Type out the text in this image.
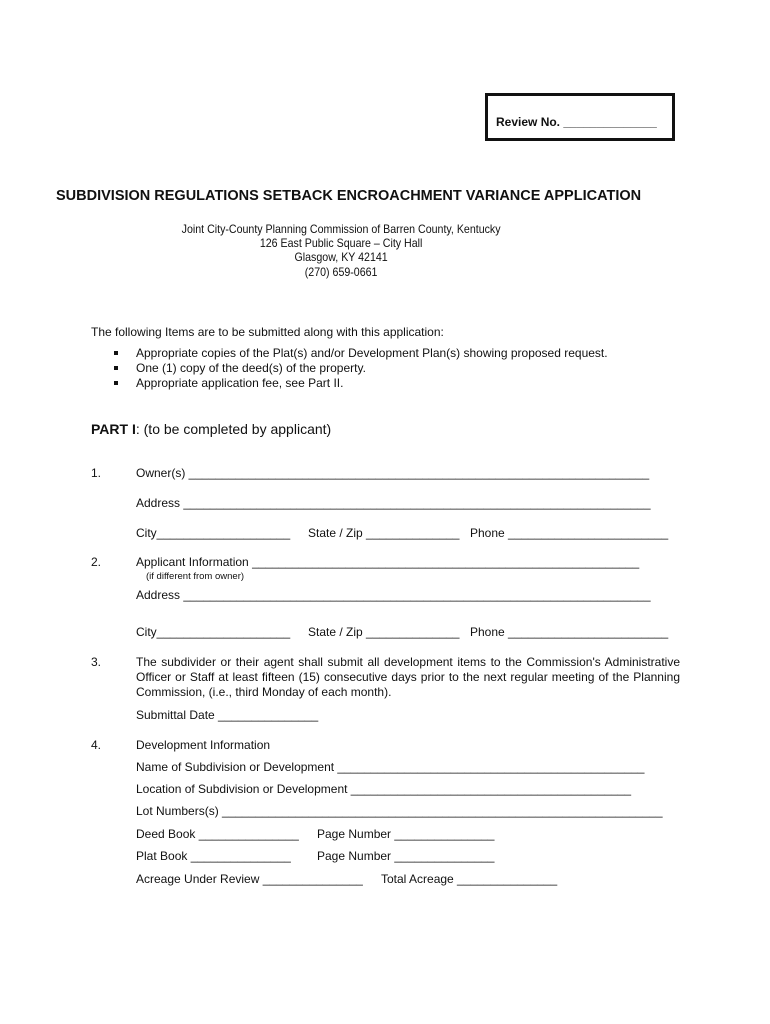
Review No. ______________
SUBDIVISION REGULATIONS SETBACK ENCROACHMENT VARIANCE APPLICATION
Joint City-County Planning Commission of Barren County, Kentucky
126 East Public Square – City Hall
Glasgow, KY 42141
(270) 659-0661
The following Items are to be submitted along with this application:
Appropriate copies of the Plat(s) and/or Development Plan(s) showing proposed request.
One (1) copy of the deed(s) of the property.
Appropriate application fee, see Part II.
PART I: (to be completed by applicant)
1.	Owner(s) _____________________________________________________________________
Address ______________________________________________________________________
City____________________ State / Zip ______________ Phone ________________________
2.	Applicant Information __________________________________________________________
(if different from owner)
Address ______________________________________________________________________
City____________________ State / Zip ______________ Phone ________________________
3.	The subdivider or their agent shall submit all development items to the Commission's Administrative Officer or Staff at least fifteen (15) consecutive days prior to the next regular meeting of the Planning Commission, (i.e., third Monday of each month).
Submittal Date _______________
4.	Development Information
Name of Subdivision or Development ______________________________________________
Location of Subdivision or Development __________________________________________
Lot Numbers(s) __________________________________________________________________
Deed Book _______________ Page Number _______________
Plat Book _______________ Page Number _______________
Acreage Under Review _______________ Total Acreage _______________
